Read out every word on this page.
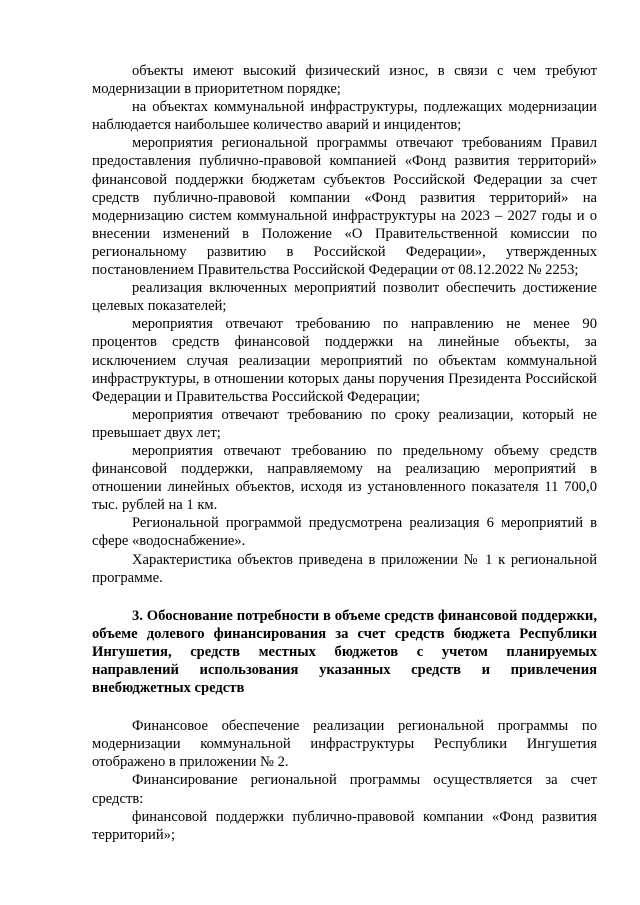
объекты имеют высокий физический износ, в связи с чем требуют модернизации в приоритетном порядке;

на объектах коммунальной инфраструктуры, подлежащих модернизации наблюдается наибольшее количество аварий и инцидентов;

мероприятия региональной программы отвечают требованиям Правил предоставления публично-правовой компанией «Фонд развития территорий» финансовой поддержки бюджетам субъектов Российской Федерации за счет средств публично-правовой компании «Фонд развития территорий» на модернизацию систем коммунальной инфраструктуры на 2023 – 2027 годы и о внесении изменений в Положение «О Правительственной комиссии по региональному развитию в Российской Федерации», утвержденных постановлением Правительства Российской Федерации от 08.12.2022 № 2253;

реализация включенных мероприятий позволит обеспечить достижение целевых показателей;

мероприятия отвечают требованию по направлению не менее 90 процентов средств финансовой поддержки на линейные объекты, за исключением случая реализации мероприятий по объектам коммунальной инфраструктуры, в отношении которых даны поручения Президента Российской Федерации и Правительства Российской Федерации;

мероприятия отвечают требованию по сроку реализации, который не превышает двух лет;

мероприятия отвечают требованию по предельному объему средств финансовой поддержки, направляемому на реализацию мероприятий в отношении линейных объектов, исходя из установленного показателя 11 700,0 тыс. рублей на 1 км.

Региональной программой предусмотрена реализация 6 мероприятий в сфере «водоснабжение».

Характеристика объектов приведена в приложении № 1 к региональной программе.

3. Обоснование потребности в объеме средств финансовой поддержки, объеме долевого финансирования за счет средств бюджета Республики Ингушетия, средств местных бюджетов с учетом планируемых направлений использования указанных средств и привлечения внебюджетных средств

Финансовое обеспечение реализации региональной программы по модернизации коммунальной инфраструктуры Республики Ингушетия отображено в приложении № 2.

Финансирование региональной программы осуществляется за счет средств:

финансовой поддержки публично-правовой компании «Фонд развития территорий»;
